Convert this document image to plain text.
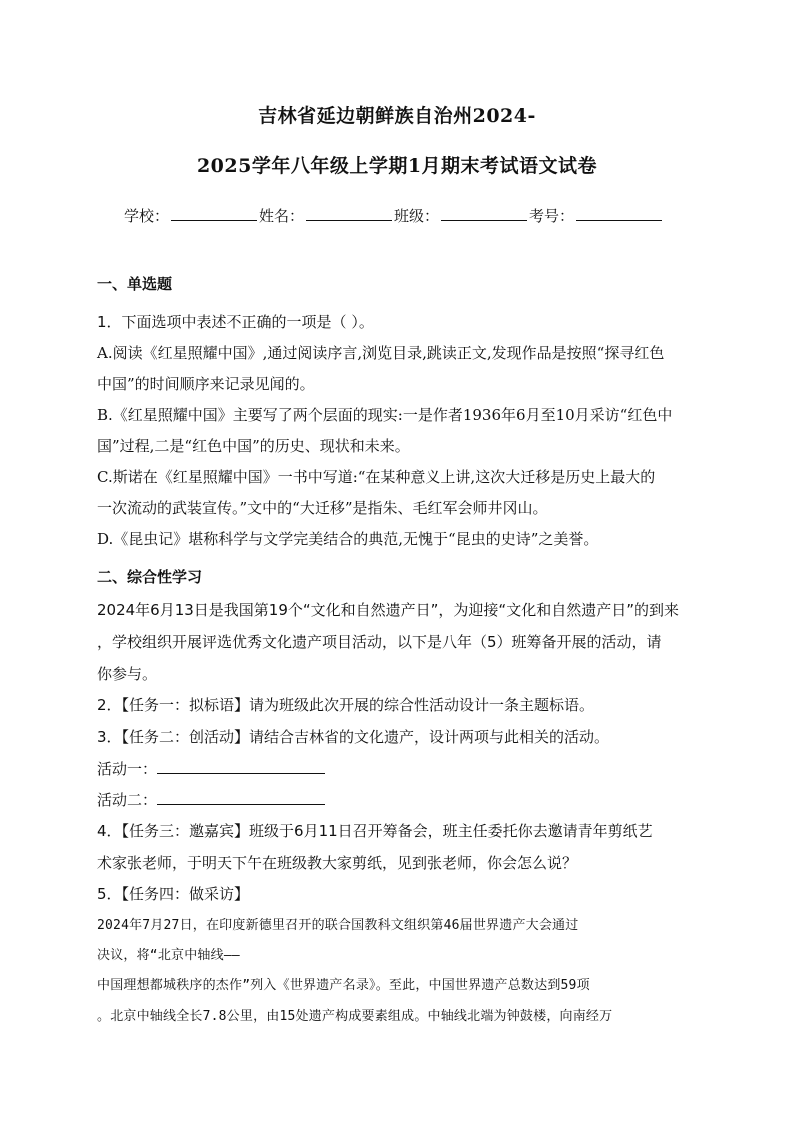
吉林省延边朝鲜族自治州2024-
2025学年八年级上学期1月期末考试语文试卷
学校：	姓名：	班级：	考号：
一、单选题
1．下面选项中表述不正确的一项是（ ）。
A.阅读《红星照耀中国》,通过阅读序言,浏览目录,跳读正文,发现作品是按照“探寻红色
中国”的时间顺序来记录见闻的。
B.《红星照耀中国》主要写了两个层面的现实:一是作者1936年6月至10月采访“红色中
国”过程,二是“红色中国”的历史、现状和未来。
C.斯诺在《红星照耀中国》一书中写道:“在某种意义上讲,这次大迁移是历史上最大的
一次流动的武装宣传。”文中的“大迁移”是指朱、毛红军会师井冈山。
D.《昆虫记》堪称科学与文学完美结合的典范,无愧于“昆虫的史诗”之美誉。
二、综合性学习
2024年6月13日是我国第19个“文化和自然遗产日”，为迎接“文化和自然遗产日”的到来
，学校组织开展评选优秀文化遗产项目活动，以下是八年（5）班筹备开展的活动，请
你参与。
2．【任务一：拟标语】请为班级此次开展的综合性活动设计一条主题标语。
3．【任务二：创活动】请结合吉林省的文化遗产，设计两项与此相关的活动。
活动一：
活动二：
4．【任务三：邀嘉宾】班级于6月11日召开筹备会，班主任委托你去邀请青年剪纸艺
术家张老师，于明天下午在班级教大家剪纸，见到张老师，你会怎么说？
5．【任务四：做采访】
2024年7月27日，在印度新德里召开的联合国教科文组织第46届世界遗产大会通过
决议，将“北京中轴线——
中国理想都城秩序的杰作”列入《世界遗产名录》。至此，中国世界遗产总数达到59项
。北京中轴线全长7.8公里，由15处遗产构成要素组成。中轴线北端为钟鼓楼，向南经万
